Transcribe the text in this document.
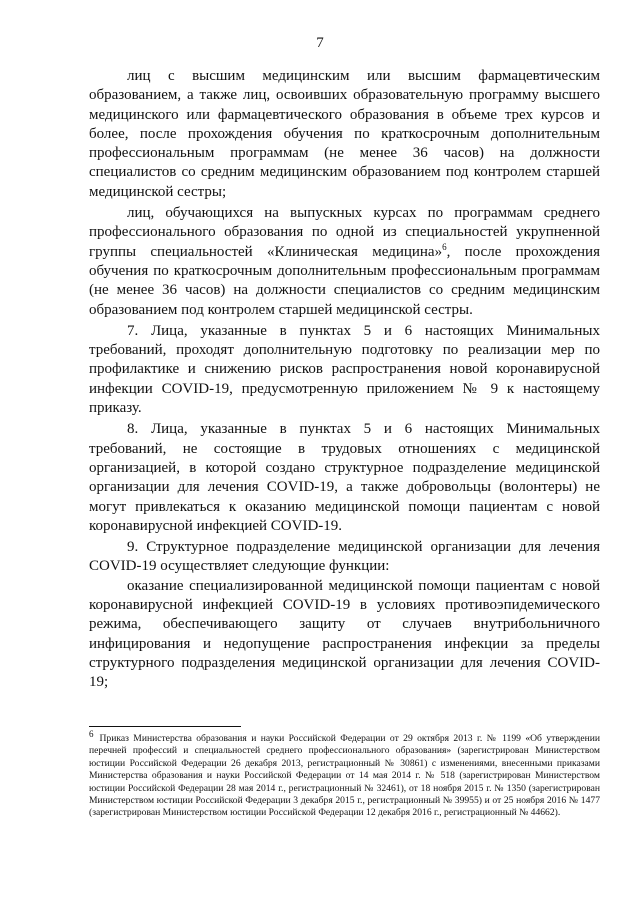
7

лиц с высшим медицинским или высшим фармацевтическим образованием, а также лиц, освоивших образовательную программу высшего медицинского или фармацевтического образования в объеме трех курсов и более, после прохождения обучения по краткосрочным дополнительным профессиональным программам (не менее 36 часов) на должности специалистов со средним медицинским образованием под контролем старшей медицинской сестры;

лиц, обучающихся на выпускных курсах по программам среднего профессионального образования по одной из специальностей укрупненной группы специальностей «Клиническая медицина»$^6$, после прохождения обучения по краткосрочным дополнительным профессиональным программам (не менее 36 часов) на должности специалистов со средним медицинским образованием под контролем старшей медицинской сестры.

7. Лица, указанные в пунктах 5 и 6 настоящих Минимальных требований, проходят дополнительную подготовку по реализации мер по профилактике и снижению рисков распространения новой коронавирусной инфекции COVID-19, предусмотренную приложением № 9 к настоящему приказу.

8. Лица, указанные в пунктах 5 и 6 настоящих Минимальных требований, не состоящие в трудовых отношениях с медицинской организацией, в которой создано структурное подразделение медицинской организации для лечения COVID-19, а также добровольцы (волонтеры) не могут привлекаться к оказанию медицинской помощи пациентам с новой коронавирусной инфекцией COVID-19.

9. Структурное подразделение медицинской организации для лечения COVID-19 осуществляет следующие функции:

оказание специализированной медицинской помощи пациентам с новой коронавирусной инфекцией COVID-19 в условиях противоэпидемического режима, обеспечивающего защиту от случаев внутрибольничного инфицирования и недопущение распространения инфекции за пределы структурного подразделения медицинской организации для лечения COVID-19;

$^6$ Приказ Министерства образования и науки Российской Федерации от 29 октября 2013 г. № 1199 «Об утверждении перечней профессий и специальностей среднего профессионального образования» (зарегистрирован Министерством юстиции Российской Федерации 26 декабря 2013, регистрационный № 30861) с изменениями, внесенными приказами Министерства образования и науки Российской Федерации от 14 мая 2014 г. № 518 (зарегистрирован Министерством юстиции Российской Федерации 28 мая 2014 г., регистрационный № 32461), от 18 ноября 2015 г. № 1350 (зарегистрирован Министерством юстиции Российской Федерации 3 декабря 2015 г., регистрационный № 39955) и от 25 ноября 2016 № 1477 (зарегистрирован Министерством юстиции Российской Федерации 12 декабря 2016 г., регистрационный № 44662).
